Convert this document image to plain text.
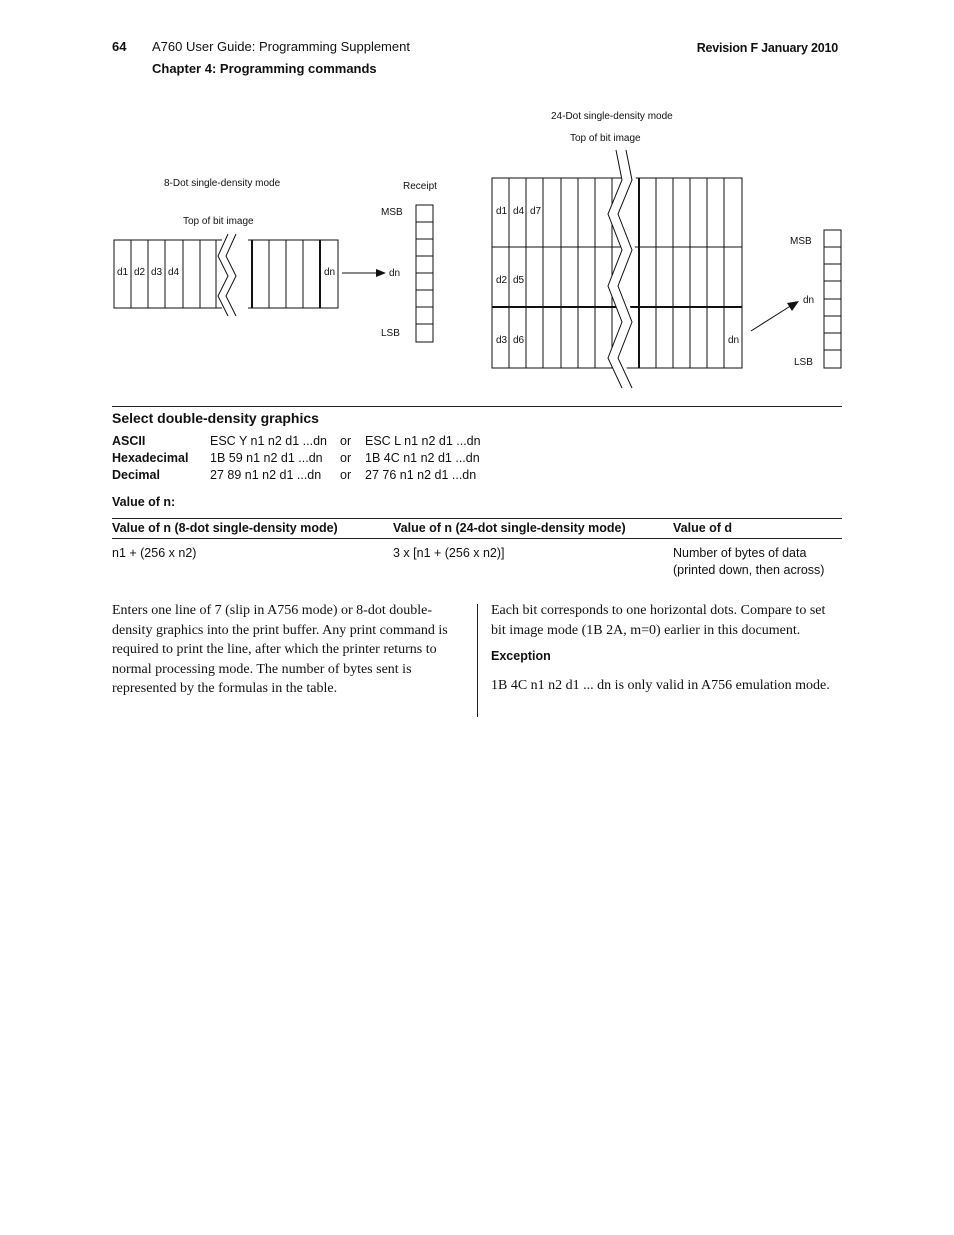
64 A760 User Guide: Programming Supplement
Chapter 4: Programming commands
Revision F January 2010
8-Dot single-density mode
Top of bit image
d1 d2 d3 d4	dn	dn
Receipt
MSB
LSB
24-Dot single-density mode
Top of bit image
d1 d4 d7
d2 d5
d3 d6	dn
dn
MSB
LSB
Select double-density graphics
ASCII	ESC Y n1 n2 d1 ...dn	or	ESC L n1 n2 d1 ...dn
Hexadecimal	1B 59 n1 n2 d1 ...dn	or	1B 4C n1 n2 d1 ...dn
Decimal	27 89 n1 n2 d1 ...dn	or	27 76 n1 n2 d1 ...dn
Value of n:
Value of n (8-dot single-density mode)	Value of n (24-dot single-density mode)	Value of d
n1 + (256 x n2)	3 x [n1 + (256 x n2)]	Number of bytes of data (printed down, then across)
Enters one line of 7 (slip in A756 mode) or 8-dot double-density graphics into the print buffer. Any print command is required to print the line, after which the printer returns to normal processing mode. The number of bytes sent is represented by the formulas in the table.
Each bit corresponds to one horizontal dots. Compare to set bit image mode (1B 2A, m=0) earlier in this document.
Exception
1B 4C n1 n2 d1 ... dn is only valid in A756 emulation mode.
